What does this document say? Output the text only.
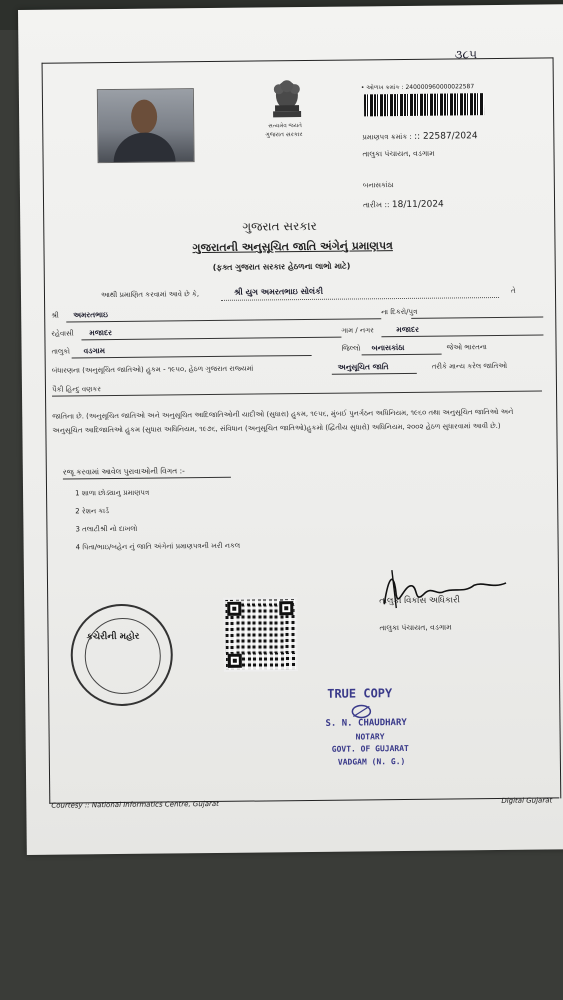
૩૮૫
સત્યમેવ જયતે
ગુજરાત સરકાર
• ઓળખ ક્રમાંક : 240000960000022587
પ્રમાણપત્ર ક્રમાંક : :: 22587/2024
તાલુકા પંચાયત, વડગામ
બનાસકાંઠા
તારીખ :: 18/11/2024
ગુજરાત સરકાર
ગુજરાતની અનુસૂચિત જાતિ અંગેનું પ્રમાણપત્ર
(ફક્ત ગુજરાત સરકાર હેઠળના લાભો માટે)
આથી પ્રમાણિત કરવામાં આવે છે કે,	શ્રી યુગ અમરતભાઇ સોલંકી	તે
શ્રી અમરતભાઇ	ના દિકરો/પુત્ર
રહેવાસી મજાદર	ગામ / નગર	મજાદર
તાલુકો વડગામ	જિલ્લો બનાસકાંઠા	જેઓ ભારતના
બંધારણના (અનુસૂચિત જાતિઓ) હુકમ - ૧૯૫૦, હેઠળ ગુજરાત રાજ્યમાં	અનુસૂચિત જાતિ	તરીકે માન્ય કરેલ જાતિઓ
પૈકી હિન્દુ વણકર
જાતિના છે. (અનુસૂચિત જાતિઓ અને અનુસૂચિત આદિજાતિઓની યાદીઓ (સુધારા) હુકમ, ૧૯૫૬, મુંબઈ પુનર્ગઠન અધિનિયમ, ૧૯૬૦ તથા અનુસૂચિત જાતિઓ અને અનુસૂચિત આદિજાતિઓ હુકમ (સુધારા અધિનિયમ, ૧૯૭૬, સંવિધાન (અનુસૂચિત જાતિઓ)હુકમો (દ્વિતીય સુધારો) અધિનિયમ, ૨૦૦૨ હેઠળ સુધારવામાં આવી છે.)
રજૂ કરવામાં આવેલ પુરાવાઓની વિગત :-
1 શાળા છોડ્યાનુ પ્રમાણપત્ર
2 રેશન કાર્ડ
3 તલાટીશ્રી નો દાખલો
4 પિતા/ભાઇ/બહેન નું જાતિ અંગેનાં પ્રમાણપત્રની ખરી નકલ
તાલુકા વિકાસ અધિકારી
તાલુકા પંચાયત, વડગામ
કચેરીની મહોર
TRUE COPY
S. N. CHAUDHARY
NOTARY
GOVT. OF GUJARAT
VADGAM (N. G.)
Courtesy :: National Informatics Centre, Gujarat	Digital Gujarat
